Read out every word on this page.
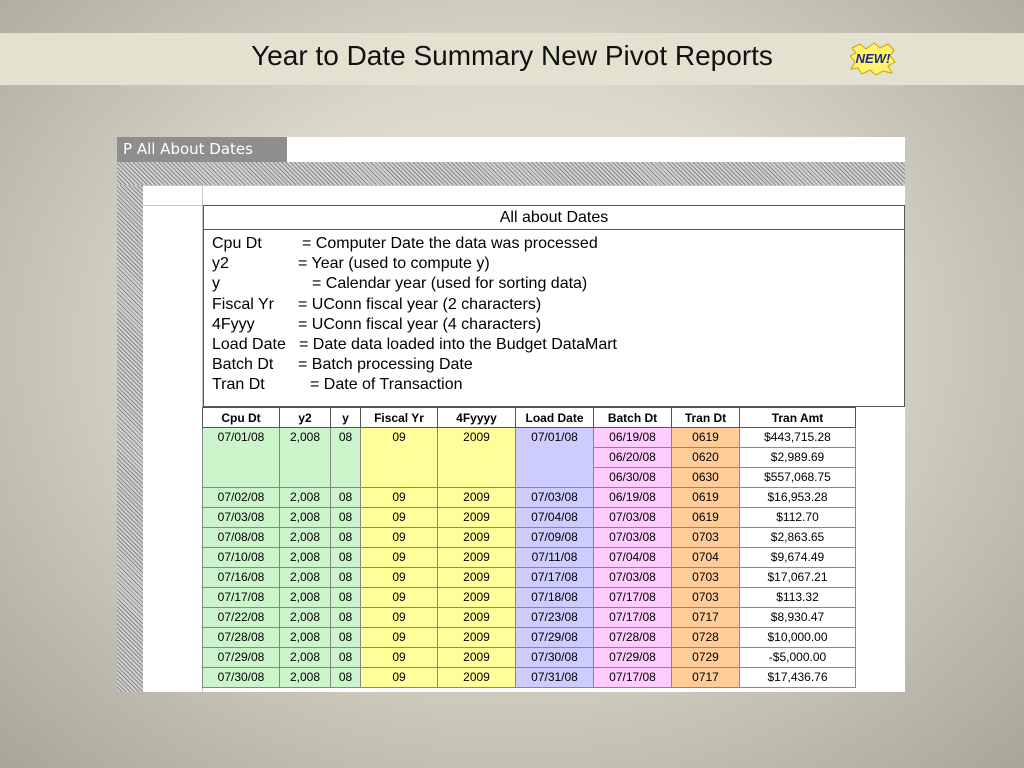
Year to Date Summary New Pivot Reports	NEW!
P All About Dates
All about Dates
Cpu Dt	= Computer Date the data was processed
y2	= Year (used to compute y)
y	= Calendar year (used for sorting data)
Fiscal Yr = UConn fiscal year (2 characters)
4Fyyy	= UConn fiscal year (4 characters)
Load Date = Date data loaded into the Budget DataMart
Batch Dt = Batch processing Date
Tran Dt	= Date of Transaction
Cpu Dt	y2	y	Fiscal Yr	4Fyyyy	Load Date	Batch Dt	Tran Dt	Tran Amt
07/01/08	2,008	08	09	2009	07/01/08	06/19/08	0619	$443,715.28
						06/20/08	0620	$2,989.69
						06/30/08	0630	$557,068.75
07/02/08	2,008	08	09	2009	07/03/08	06/19/08	0619	$16,953.28
07/03/08	2,008	08	09	2009	07/04/08	07/03/08	0619	$112.70
07/08/08	2,008	08	09	2009	07/09/08	07/03/08	0703	$2,863.65
07/10/08	2,008	08	09	2009	07/11/08	07/04/08	0704	$9,674.49
07/16/08	2,008	08	09	2009	07/17/08	07/03/08	0703	$17,067.21
07/17/08	2,008	08	09	2009	07/18/08	07/17/08	0703	$113.32
07/22/08	2,008	08	09	2009	07/23/08	07/17/08	0717	$8,930.47
07/28/08	2,008	08	09	2009	07/29/08	07/28/08	0728	$10,000.00
07/29/08	2,008	08	09	2009	07/30/08	07/29/08	0729	-$5,000.00
07/30/08	2,008	08	09	2009	07/31/08	07/17/08	0717	$17,436.76
